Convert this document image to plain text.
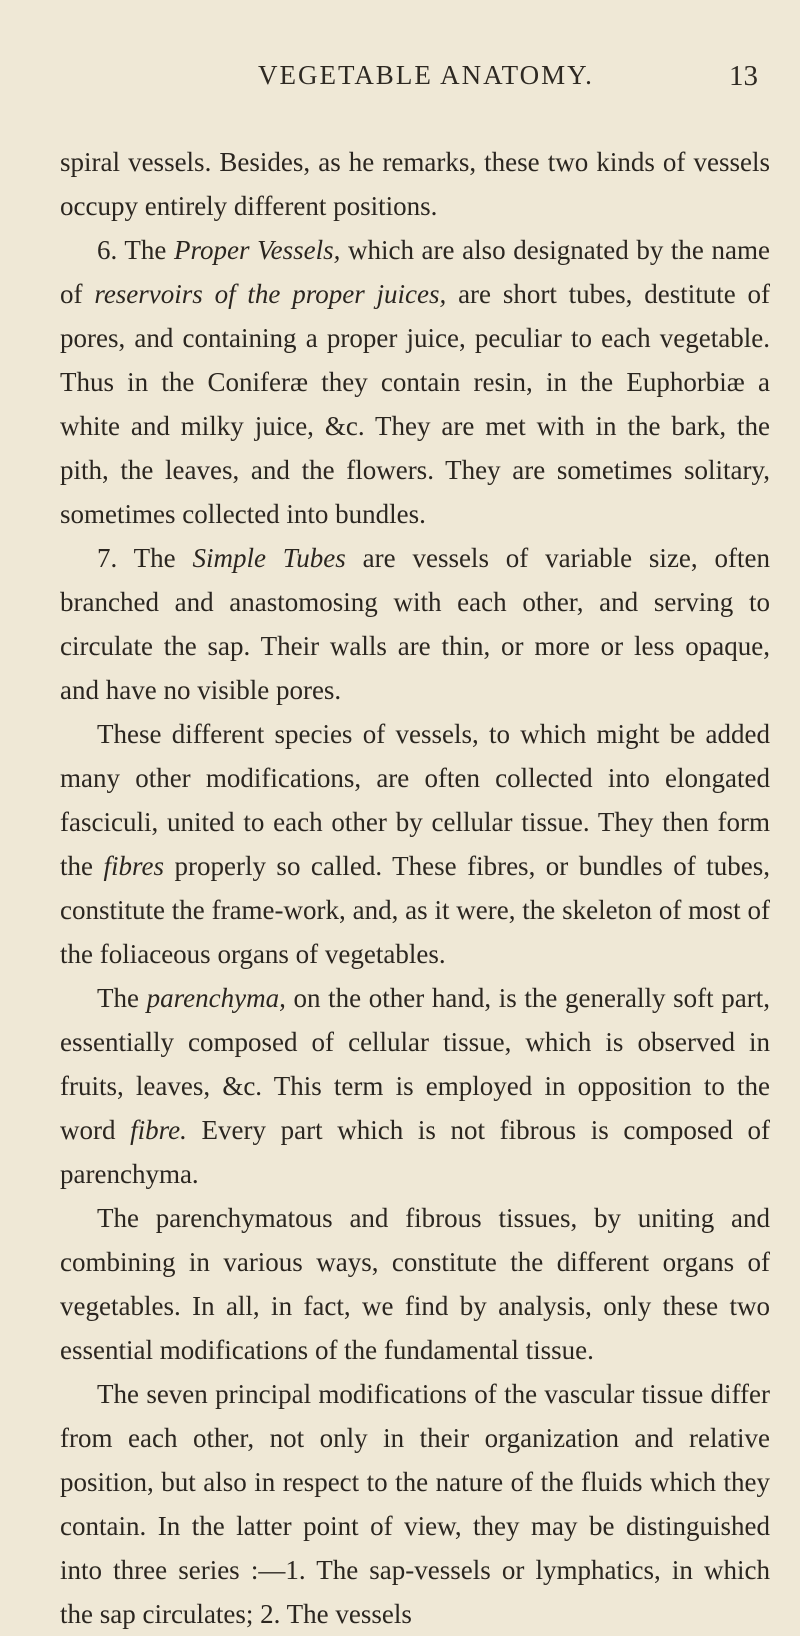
VEGETABLE ANATOMY.	13

spiral vessels. Besides, as he remarks, these two kinds of vessels occupy entirely different positions.

6. The Proper Vessels, which are also designated by the name of reservoirs of the proper juices, are short tubes, destitute of pores, and containing a proper juice, peculiar to each vegetable. Thus in the Coniferæ they contain resin, in the Euphorbiæ a white and milky juice, &c. They are met with in the bark, the pith, the leaves, and the flowers. They are sometimes solitary, sometimes collected into bundles.

7. The Simple Tubes are vessels of variable size, often branched and anastomosing with each other, and serving to circulate the sap. Their walls are thin, or more or less opaque, and have no visible pores.

These different species of vessels, to which might be added many other modifications, are often collected into elongated fasciculi, united to each other by cellular tissue. They then form the fibres properly so called. These fibres, or bundles of tubes, constitute the frame-work, and, as it were, the skeleton of most of the foliaceous organs of vegetables.

The parenchyma, on the other hand, is the generally soft part, essentially composed of cellular tissue, which is observed in fruits, leaves, &c. This term is employed in opposition to the word fibre. Every part which is not fibrous is composed of parenchyma.

The parenchymatous and fibrous tissues, by uniting and combining in various ways, constitute the different organs of vegetables. In all, in fact, we find by analysis, only these two essential modifications of the fundamental tissue.

The seven principal modifications of the vascular tissue differ from each other, not only in their organization and relative position, but also in respect to the nature of the fluids which they contain. In the latter point of view, they may be distinguished into three series :—1. The sap-vessels or lymphatics, in which the sap circulates; 2. The vessels
